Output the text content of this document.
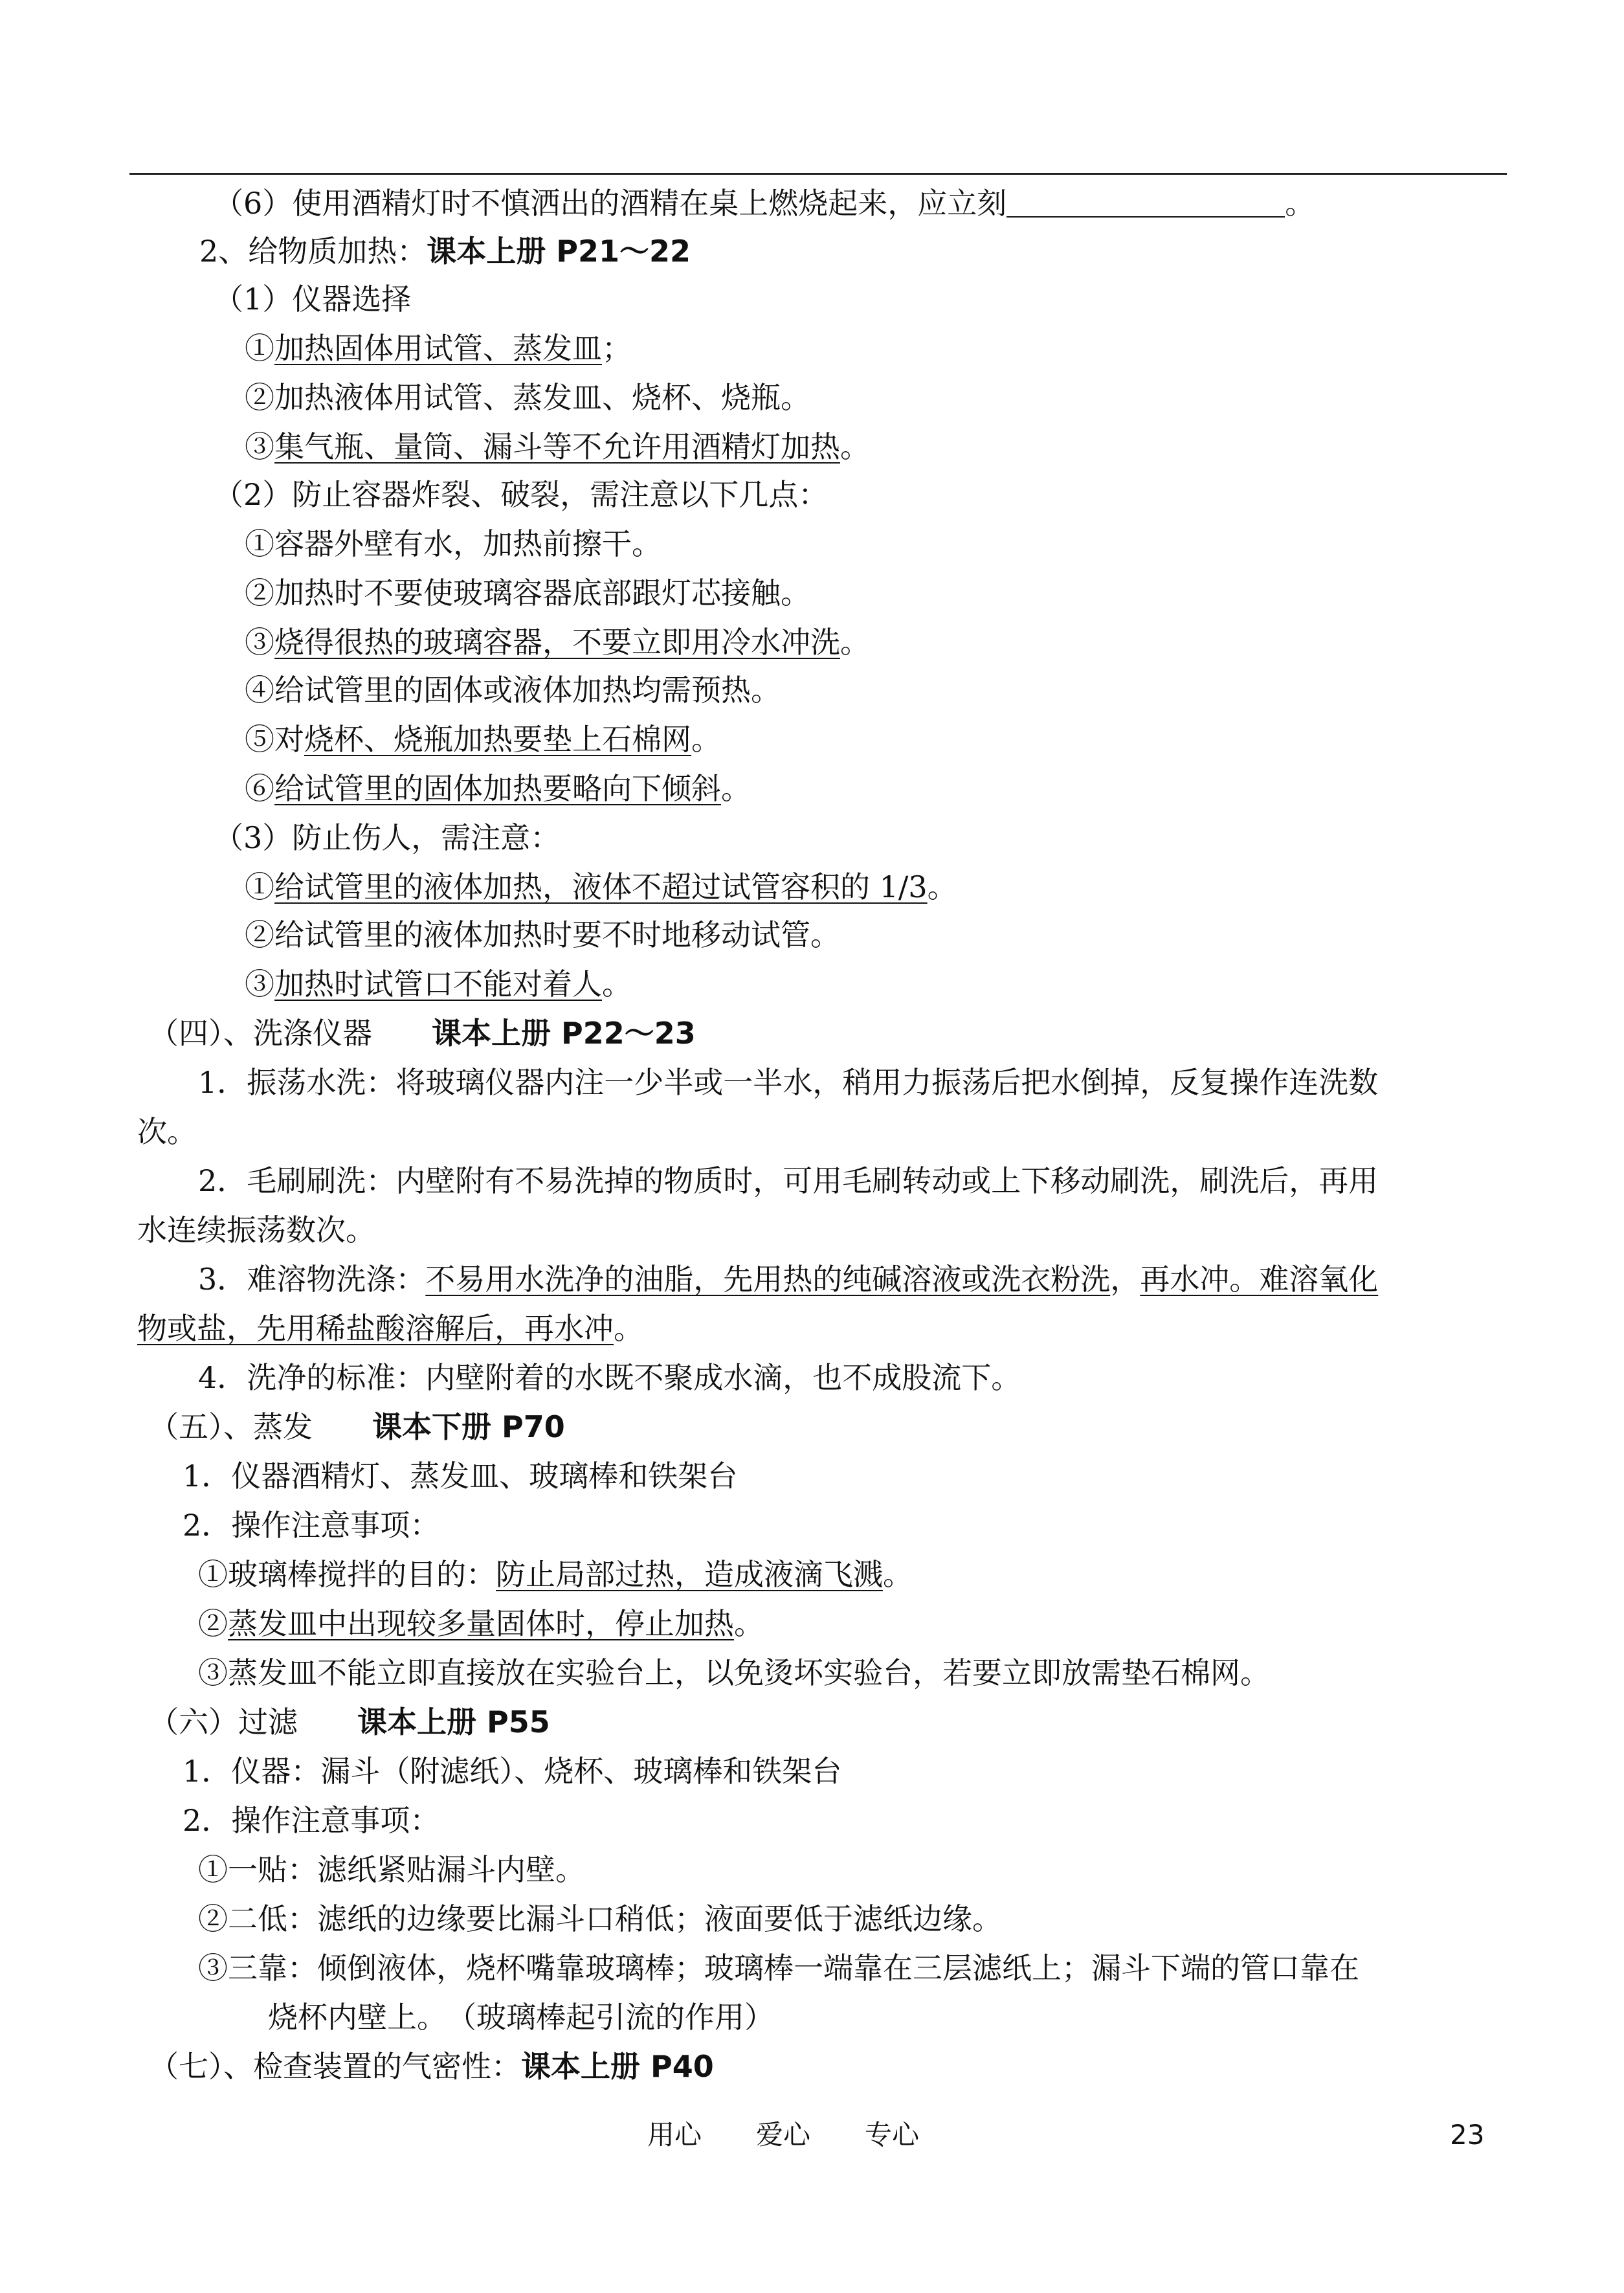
（6）使用酒精灯时不慎洒出的酒精在桌上燃烧起来，应立刻	。
2、给物质加热：课本上册 P21～22
（1）仪器选择
①加热固体用试管、蒸发皿；
②加热液体用试管、蒸发皿、烧杯、烧瓶。
③集气瓶、量筒、漏斗等不允许用酒精灯加热。
（2）防止容器炸裂、破裂，需注意以下几点：
①容器外壁有水，加热前擦干。
②加热时不要使玻璃容器底部跟灯芯接触。
③烧得很热的玻璃容器，不要立即用冷水冲洗。
④给试管里的固体或液体加热均需预热。
⑤对烧杯、烧瓶加热要垫上石棉网。
⑥给试管里的固体加热要略向下倾斜。
（3）防止伤人，需注意：
①给试管里的液体加热，液体不超过试管容积的 1/3。
②给试管里的液体加热时要不时地移动试管。
③加热时试管口不能对着人。
（四）、洗涤仪器　　课本上册 P22～23
1．振荡水洗：将玻璃仪器内注一少半或一半水，稍用力振荡后把水倒掉，反复操作连洗数
次。
2．毛刷刷洗：内壁附有不易洗掉的物质时，可用毛刷转动或上下移动刷洗，刷洗后，再用
水连续振荡数次。
3．难溶物洗涤：不易用水洗净的油脂，先用热的纯碱溶液或洗衣粉洗，再水冲。难溶氧化
物或盐，先用稀盐酸溶解后，再水冲。
4．洗净的标准：内壁附着的水既不聚成水滴，也不成股流下。
（五）、蒸发　　课本下册 P70
1．仪器酒精灯、蒸发皿、玻璃棒和铁架台
2．操作注意事项：
①玻璃棒搅拌的目的：防止局部过热，造成液滴飞溅。
②蒸发皿中出现较多量固体时，停止加热。
③蒸发皿不能立即直接放在实验台上，以免烫坏实验台，若要立即放需垫石棉网。
（六）过滤　　课本上册 P55
1．仪器：漏斗（附滤纸）、烧杯、玻璃棒和铁架台
2．操作注意事项：
①一贴：滤纸紧贴漏斗内壁。
②二低：滤纸的边缘要比漏斗口稍低；液面要低于滤纸边缘。
③三靠：倾倒液体，烧杯嘴靠玻璃棒；玻璃棒一端靠在三层滤纸上；漏斗下端的管口靠在
烧杯内壁上。　（玻璃棒起引流的作用）
（七）、检查装置的气密性：课本上册 P40
用心　　爱心　　专心	23
